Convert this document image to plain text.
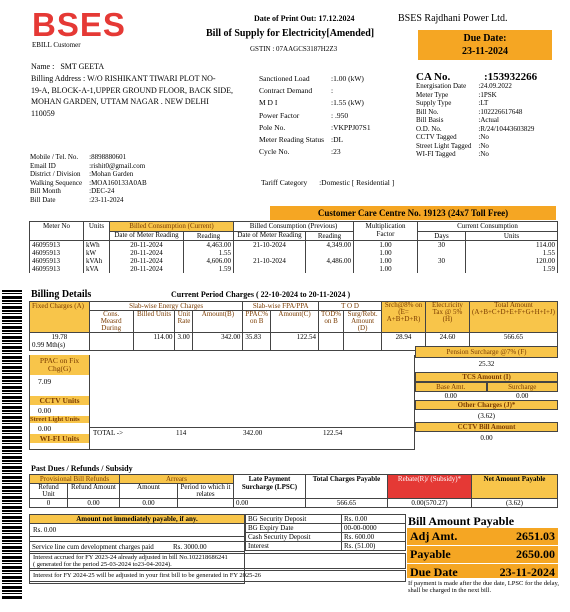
BSES
EBILL Customer
Date of Print Out: 17.12.2024	BSES Rajdhani Power Ltd.
Bill of Supply for Electricity[Amended]
GSTIN : 07AAGCS3187H2Z3
Due Date:
23-11-2024
Name : SMT GEETA
Billing Address : W/O RISHIKANT TIWARI PLOT NO-
19-A, BLOCK-A-1,UPPER GROUND FLOOR, BACK SIDE,
MOHAN GARDEN, UTTAM NAGAR . NEW DELHI
110059
Sanctioned Load	:1.00 (kW)
Contract Demand	:
M D I	:1.55 (kW)
Power Factor	: .950
Pole No.	:VKPPJ07S1
Meter Reading Status	:DL
Cycle No.	:23
CA No.	:153932266
Energisation Date	:24.09.2022
Meter Type	:1PSK
Supply Type	:LT
Bill No.	:102226617648
Bill Basis	:Actual
O.D. No.	:R/24/10443603829
CCTV Tagged	:No
Street Light Tagged	:No
WI-FI Tagged	:No
Mobile / Tel. No.	:8898880601
Email ID	:rishit0@gmail.com
District / Division	:Mohan Garden
Walking Sequence	:MOA160133A0AB
Bill Month	:DEC-24
Bill Date	:23-11-2024
Tariff Category :Domestic [ Residential ]
Customer Care Centre No. 19123 (24x7 Toll Free)
Meter No	Units	Billed Consumption (Current)		Billed Consumption (Previous)		Multiplication Factor	Current Consumption	
		Date of Meter Reading	Reading	Date of Meter Reading	Reading		Days	Units
46095913	kWh	20-11-2024	4,463.00	21-10-2024	4,349.00	1.00	30	114.00
46095913	kW	20-11-2024	1.55			1.00		1.55
46095913	kVAh	20-11-2024	4,606.00	21-10-2024	4,486.00	1.00	30	120.00
46095913	kVA	20-11-2024	1.59			1.00		1.59
Billing Details	Current Period Charges ( 22-10-2024 to 20-11-2024 )
Fixed Charges (A)	Slab-wise Energy Charges				Slab-wise FPA/PPA		T O D		Srch@8% on (E= A+B+D+R)	Elect.ricity Tax @ 5% (H)	Total Amount (A+B+C+D+E+F+G+H+I+J)
	Cons. Measrd During	Billed Units	Unit Rate	Amount(B)	PPAC% on B	Amount(C)	TOD% on B	Surg/Rebt. Amount (D)			

19.78
0.99 Mth(s)		114.00	3.00	342.00	35.83	122.54			28.94	24.60	566.65
PPAC on Fix Chg(G)
7.09
CCTV Units
0.00
Street Light Units
0.00
WI-FI Units
TOTAL ->	114	342.00	122.54
Pension Surcharge @7% (F)
25.32
TCS Amount (I)
Base Amt.	Surcharge
0.00	0.00
Other Charges (J)*
(3.62)
CCTV Bill Amount
0.00
Past Dues / Refunds / Subsidy
Provisional Bill Refunds		Arrears		Late Payment Surcharge (LPSC)	Total Charges Payable	Rebate(R)/ (Subsidy)*	Net Amount Payable
Refund Unit	Refund Amount	Amount	Period to which it relates				
0	0.00	0.00		0.00	566.65	0.00(570.27)	(3.62)
Amount not immediately payable, if any.
Rs. 0.00
Service line cum development charges paid	Rs. 3000.00
Interest accrued for FY 2023-24 already adjusted in bill No.102218686241
( generated for the period 25-03-2024 to23-04-2024).
Interest for FY 2024-25 will be adjusted in your first bill to be generated in FY 2025-26
BG Security Deposit	Rs. 0.00
BG Expiry Date	00-00-0000
Cash Security Deposit	Rs. 600.00
Interest	Rs. (51.00)
Bill Amount Payable
Adj Amt.	2651.03
Payable	2650.00
Due Date	23-11-2024
If payment is made after the due date, LPSC for the delay, shall be charged in the next bill.
